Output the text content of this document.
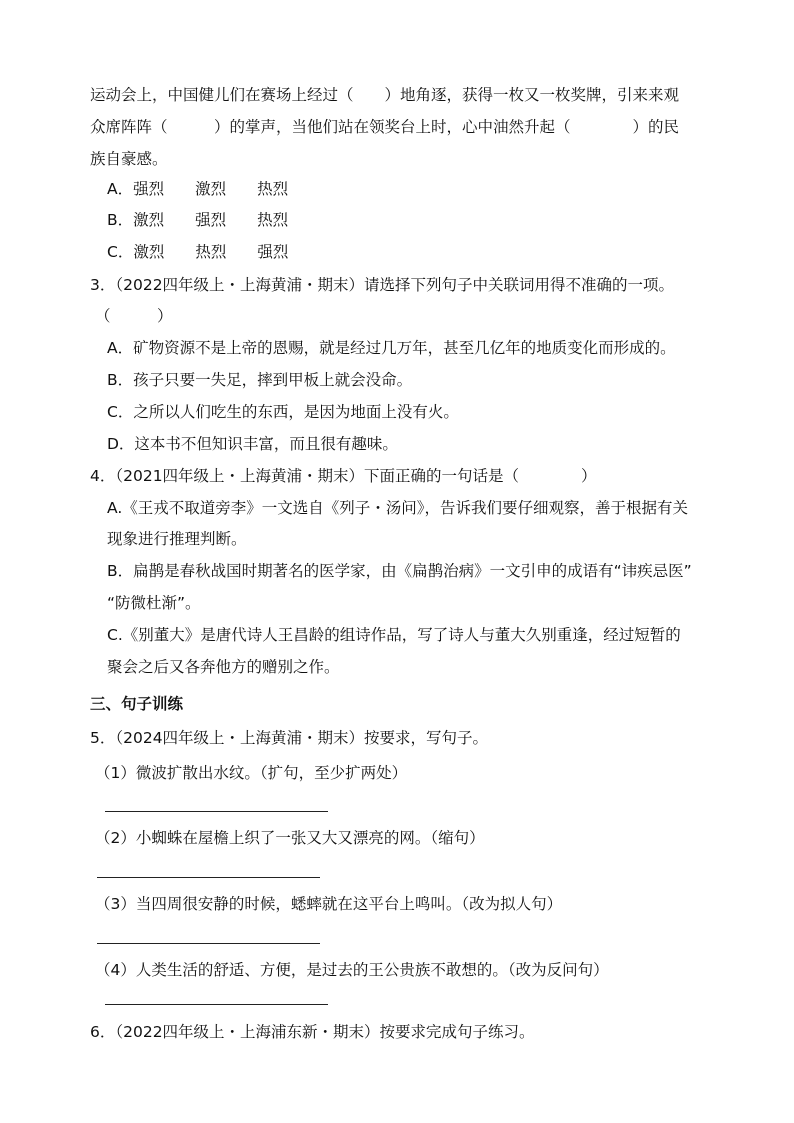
运动会上，中国健儿们在赛场上经过（　　）地角逐，获得一枚又一枚奖牌，引来来观
众席阵阵（　　　）的掌声，当他们站在领奖台上时，心中油然升起（　　　　）的民
族自豪感。
A．强烈　　激烈　　热烈
B．激烈　　强烈　　热烈
C．激烈　　热烈　　强烈
3．（2022四年级上・上海黄浦・期末）请选择下列句子中关联词用得不准确的一项。
（　　　）
A．矿物资源不是上帝的恩赐，就是经过几万年，甚至几亿年的地质变化而形成的。
B．孩子只要一失足，摔到甲板上就会没命。
C．之所以人们吃生的东西，是因为地面上没有火。
D．这本书不但知识丰富，而且很有趣味。
4．（2021四年级上・上海黄浦・期末）下面正确的一句话是（　　　　）
A.《王戎不取道旁李》一文选自《列子・汤问》，告诉我们要仔细观察，善于根据有关
现象进行推理判断。
B．扁鹊是春秋战国时期著名的医学家，由《扁鹊治病》一文引申的成语有“讳疾忌医”
“防微杜渐”。
C.《别董大》是唐代诗人王昌龄的组诗作品，写了诗人与董大久别重逢，经过短暂的
聚会之后又各奔他方的赠别之作。
三、句子训练
5．（2024四年级上・上海黄浦・期末）按要求，写句子。
（1）微波扩散出水纹。（扩句，至少扩两处）
（2）小蜘蛛在屋檐上织了一张又大又漂亮的网。（缩句）
（3）当四周很安静的时候，蟋蟀就在这平台上鸣叫。（改为拟人句）
（4）人类生活的舒适、方便，是过去的王公贵族不敢想的。（改为反问句）
6．（2022四年级上・上海浦东新・期末）按要求完成句子练习。
